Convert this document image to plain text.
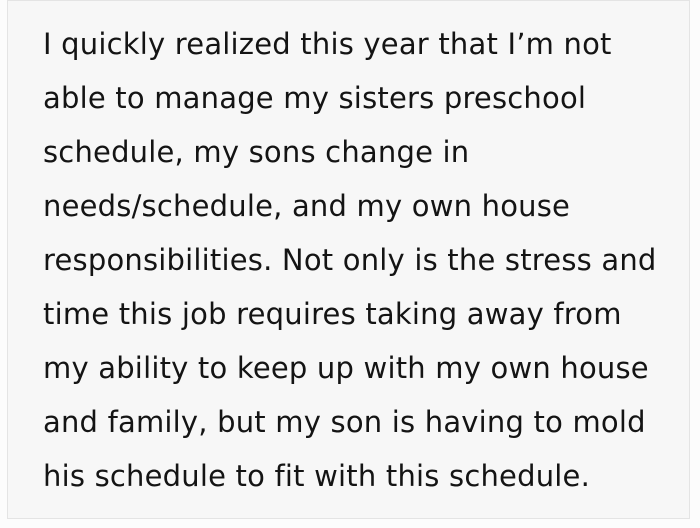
I quickly realized this year that I’m not

able to manage my sisters preschool

schedule, my sons change in

needs/schedule, and my own house

responsibilities. Not only is the stress and

time this job requires taking away from

my ability to keep up with my own house

and family, but my son is having to mold

his schedule to fit with this schedule.
